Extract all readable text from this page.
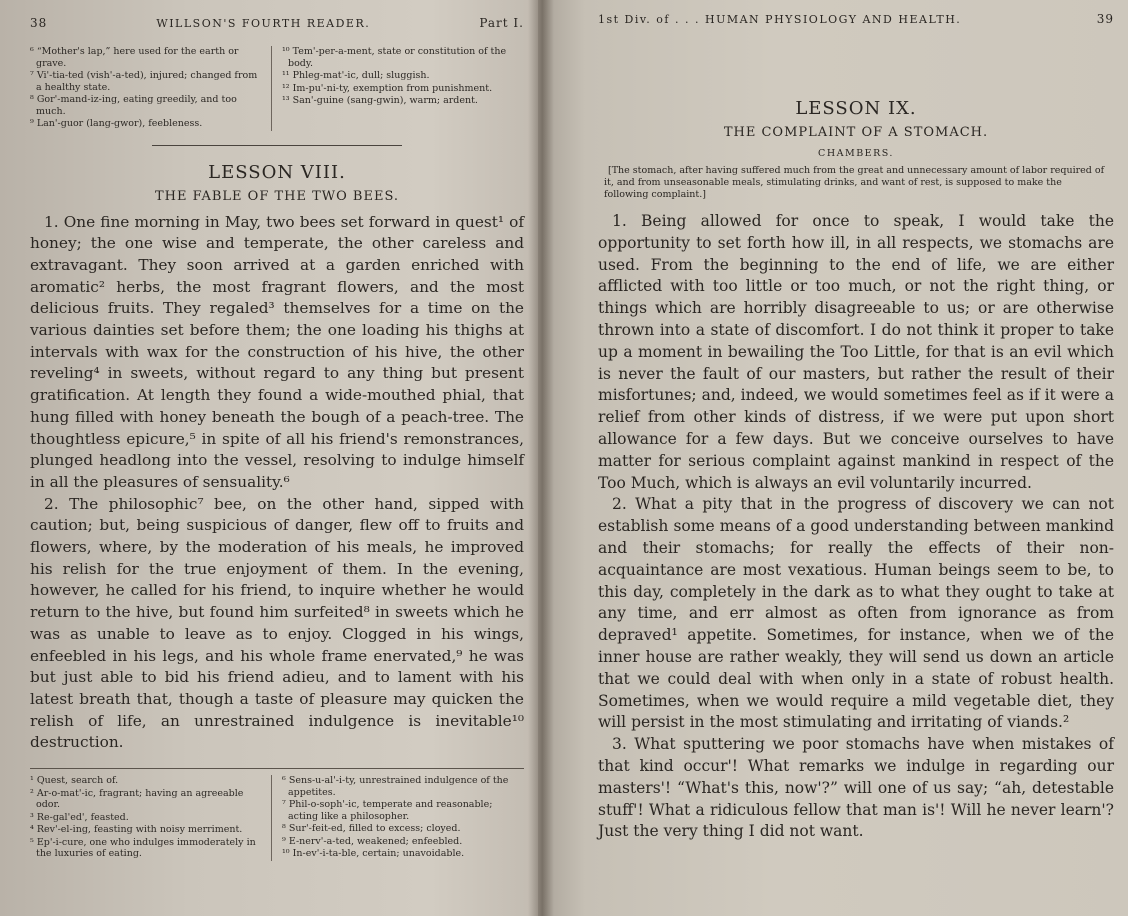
38	WILLSON'S FOURTH READER.	Part I.
⁶ “Mother's lap,” here used for the earth or grave.
⁷ Vi'-tia-ted (vish'-a-ted), injured; changed from a healthy state.
⁸ Gor'-mand-iz-ing, eating greedily, and too much.
⁹ Lan'-guor (lang-gwor), feebleness.
¹⁰ Tem'-per-a-ment, state or constitution of the body.
¹¹ Phleg-mat'-ic, dull; sluggish.
¹² Im-pu'-ni-ty, exemption from punishment.
¹³ San'-guine (sang-gwin), warm; ardent.
LESSON VIII.
THE FABLE OF THE TWO BEES.

1. One fine morning in May, two bees set forward in quest¹ of honey; the one wise and temperate, the other careless and extravagant. They soon arrived at a garden enriched with aromatic² herbs, the most fragrant flowers, and the most delicious fruits. They regaled³ themselves for a time on the various dainties set before them; the one loading his thighs at intervals with wax for the construction of his hive, the other reveling⁴ in sweets, without regard to any thing but present gratification. At length they found a wide-mouthed phial, that hung filled with honey beneath the bough of a peach-tree. The thoughtless epicure,⁵ in spite of all his friend's remonstrances, plunged headlong into the vessel, resolving to indulge himself in all the pleasures of sensuality.⁶

2. The philosophic⁷ bee, on the other hand, sipped with caution; but, being suspicious of danger, flew off to fruits and flowers, where, by the moderation of his meals, he improved his relish for the true enjoyment of them. In the evening, however, he called for his friend, to inquire whether he would return to the hive, but found him surfeited⁸ in sweets which he was as unable to leave as to enjoy. Clogged in his wings, enfeebled in his legs, and his whole frame enervated,⁹ he was but just able to bid his friend adieu, and to lament with his latest breath that, though a taste of pleasure may quicken the relish of life, an unrestrained indulgence is inevitable¹⁰ destruction.

¹ Quest, search of.
² Ar-o-mat'-ic, fragrant; having an agreeable odor.
³ Re-gal'ed', feasted.
⁴ Rev'-el-ing, feasting with noisy merriment.
⁵ Ep'-i-cure, one who indulges immoderately in the luxuries of eating.
⁶ Sens-u-al'-i-ty, unrestrained indulgence of the appetites.
⁷ Phil-o-soph'-ic, temperate and reasonable; acting like a philosopher.
⁸ Sur'-feit-ed, filled to excess; cloyed.
⁹ E-nerv'-a-ted, weakened; enfeebled.
¹⁰ In-ev'-i-ta-ble, certain; unavoidable.
1st Div. of . . . HUMAN PHYSIOLOGY AND HEALTH.	39
LESSON IX.
THE COMPLAINT OF A STOMACH.
CHAMBERS.
[The stomach, after having suffered much from the great and unnecessary amount of labor required of it, and from unseasonable meals, stimulating drinks, and want of rest, is supposed to make the following complaint.]

1. Being allowed for once to speak, I would take the opportunity to set forth how ill, in all respects, we stomachs are used. From the beginning to the end of life, we are either afflicted with too little or too much, or not the right thing, or things which are horribly disagreeable to us; or are otherwise thrown into a state of discomfort. I do not think it proper to take up a moment in bewailing the Too Little, for that is an evil which is never the fault of our masters, but rather the result of their misfortunes; and, indeed, we would sometimes feel as if it were a relief from other kinds of distress, if we were put upon short allowance for a few days. But we conceive ourselves to have matter for serious complaint against mankind in respect of the Too Much, which is always an evil voluntarily incurred.

2. What a pity that in the progress of discovery we can not establish some means of a good understanding between mankind and their stomachs; for really the effects of their non-acquaintance are most vexatious. Human beings seem to be, to this day, completely in the dark as to what they ought to take at any time, and err almost as often from ignorance as from depraved¹ appetite. Sometimes, for instance, when we of the inner house are rather weakly, they will send us down an article that we could deal with when only in a state of robust health. Sometimes, when we would require a mild vegetable diet, they will persist in the most stimulating and irritating of viands.²

3. What sputtering we poor stomachs have when mistakes of that kind occur'! What remarks we indulge in regarding our masters'! “What's this, now'?” will one of us say; “ah, detestable stuff'! What a ridiculous fellow that man is'! Will he never learn'? Just the very thing I did not want.
